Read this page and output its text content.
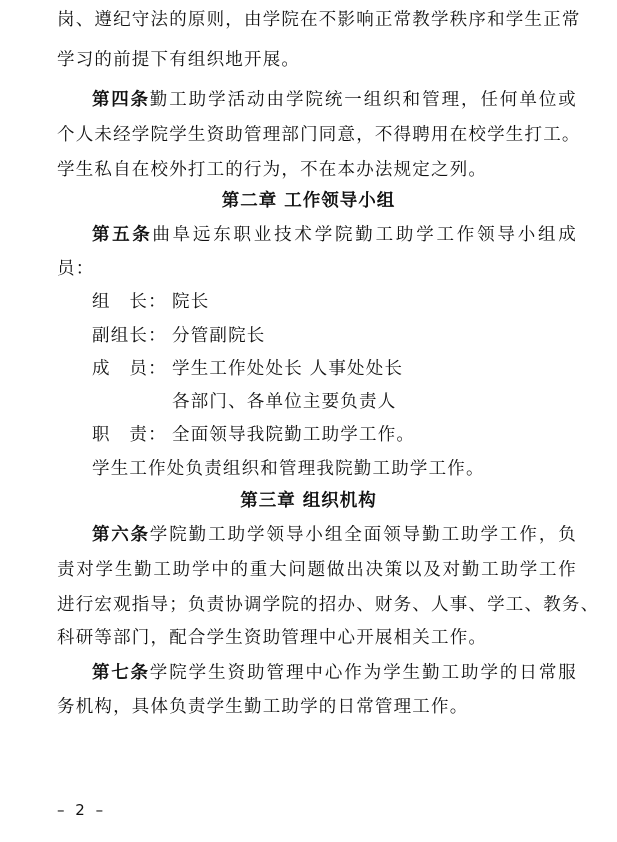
岗、遵纪守法的原则，由学院在不影响正常教学秩序和学生正常
学习的前提下有组织地开展。
第四条勤工助学活动由学院统一组织和管理，任何单位或
个人未经学院学生资助管理部门同意，不得聘用在校学生打工。
学生私自在校外打工的行为，不在本办法规定之列。
第二章 工作领导小组
第五条曲阜远东职业技术学院勤工助学工作领导小组成
员：
组　长： 院长
副组长： 分管副院长
成　员： 学生工作处处长 人事处处长
各部门、各单位主要负责人
职　责： 全面领导我院勤工助学工作。
学生工作处负责组织和管理我院勤工助学工作。
第三章 组织机构
第六条学院勤工助学领导小组全面领导勤工助学工作，负
责对学生勤工助学中的重大问题做出决策以及对勤工助学工作
进行宏观指导；负责协调学院的招办、财务、人事、学工、教务、
科研等部门，配合学生资助管理中心开展相关工作。
第七条学院学生资助管理中心作为学生勤工助学的日常服
务机构，具体负责学生勤工助学的日常管理工作。
– 2 –
